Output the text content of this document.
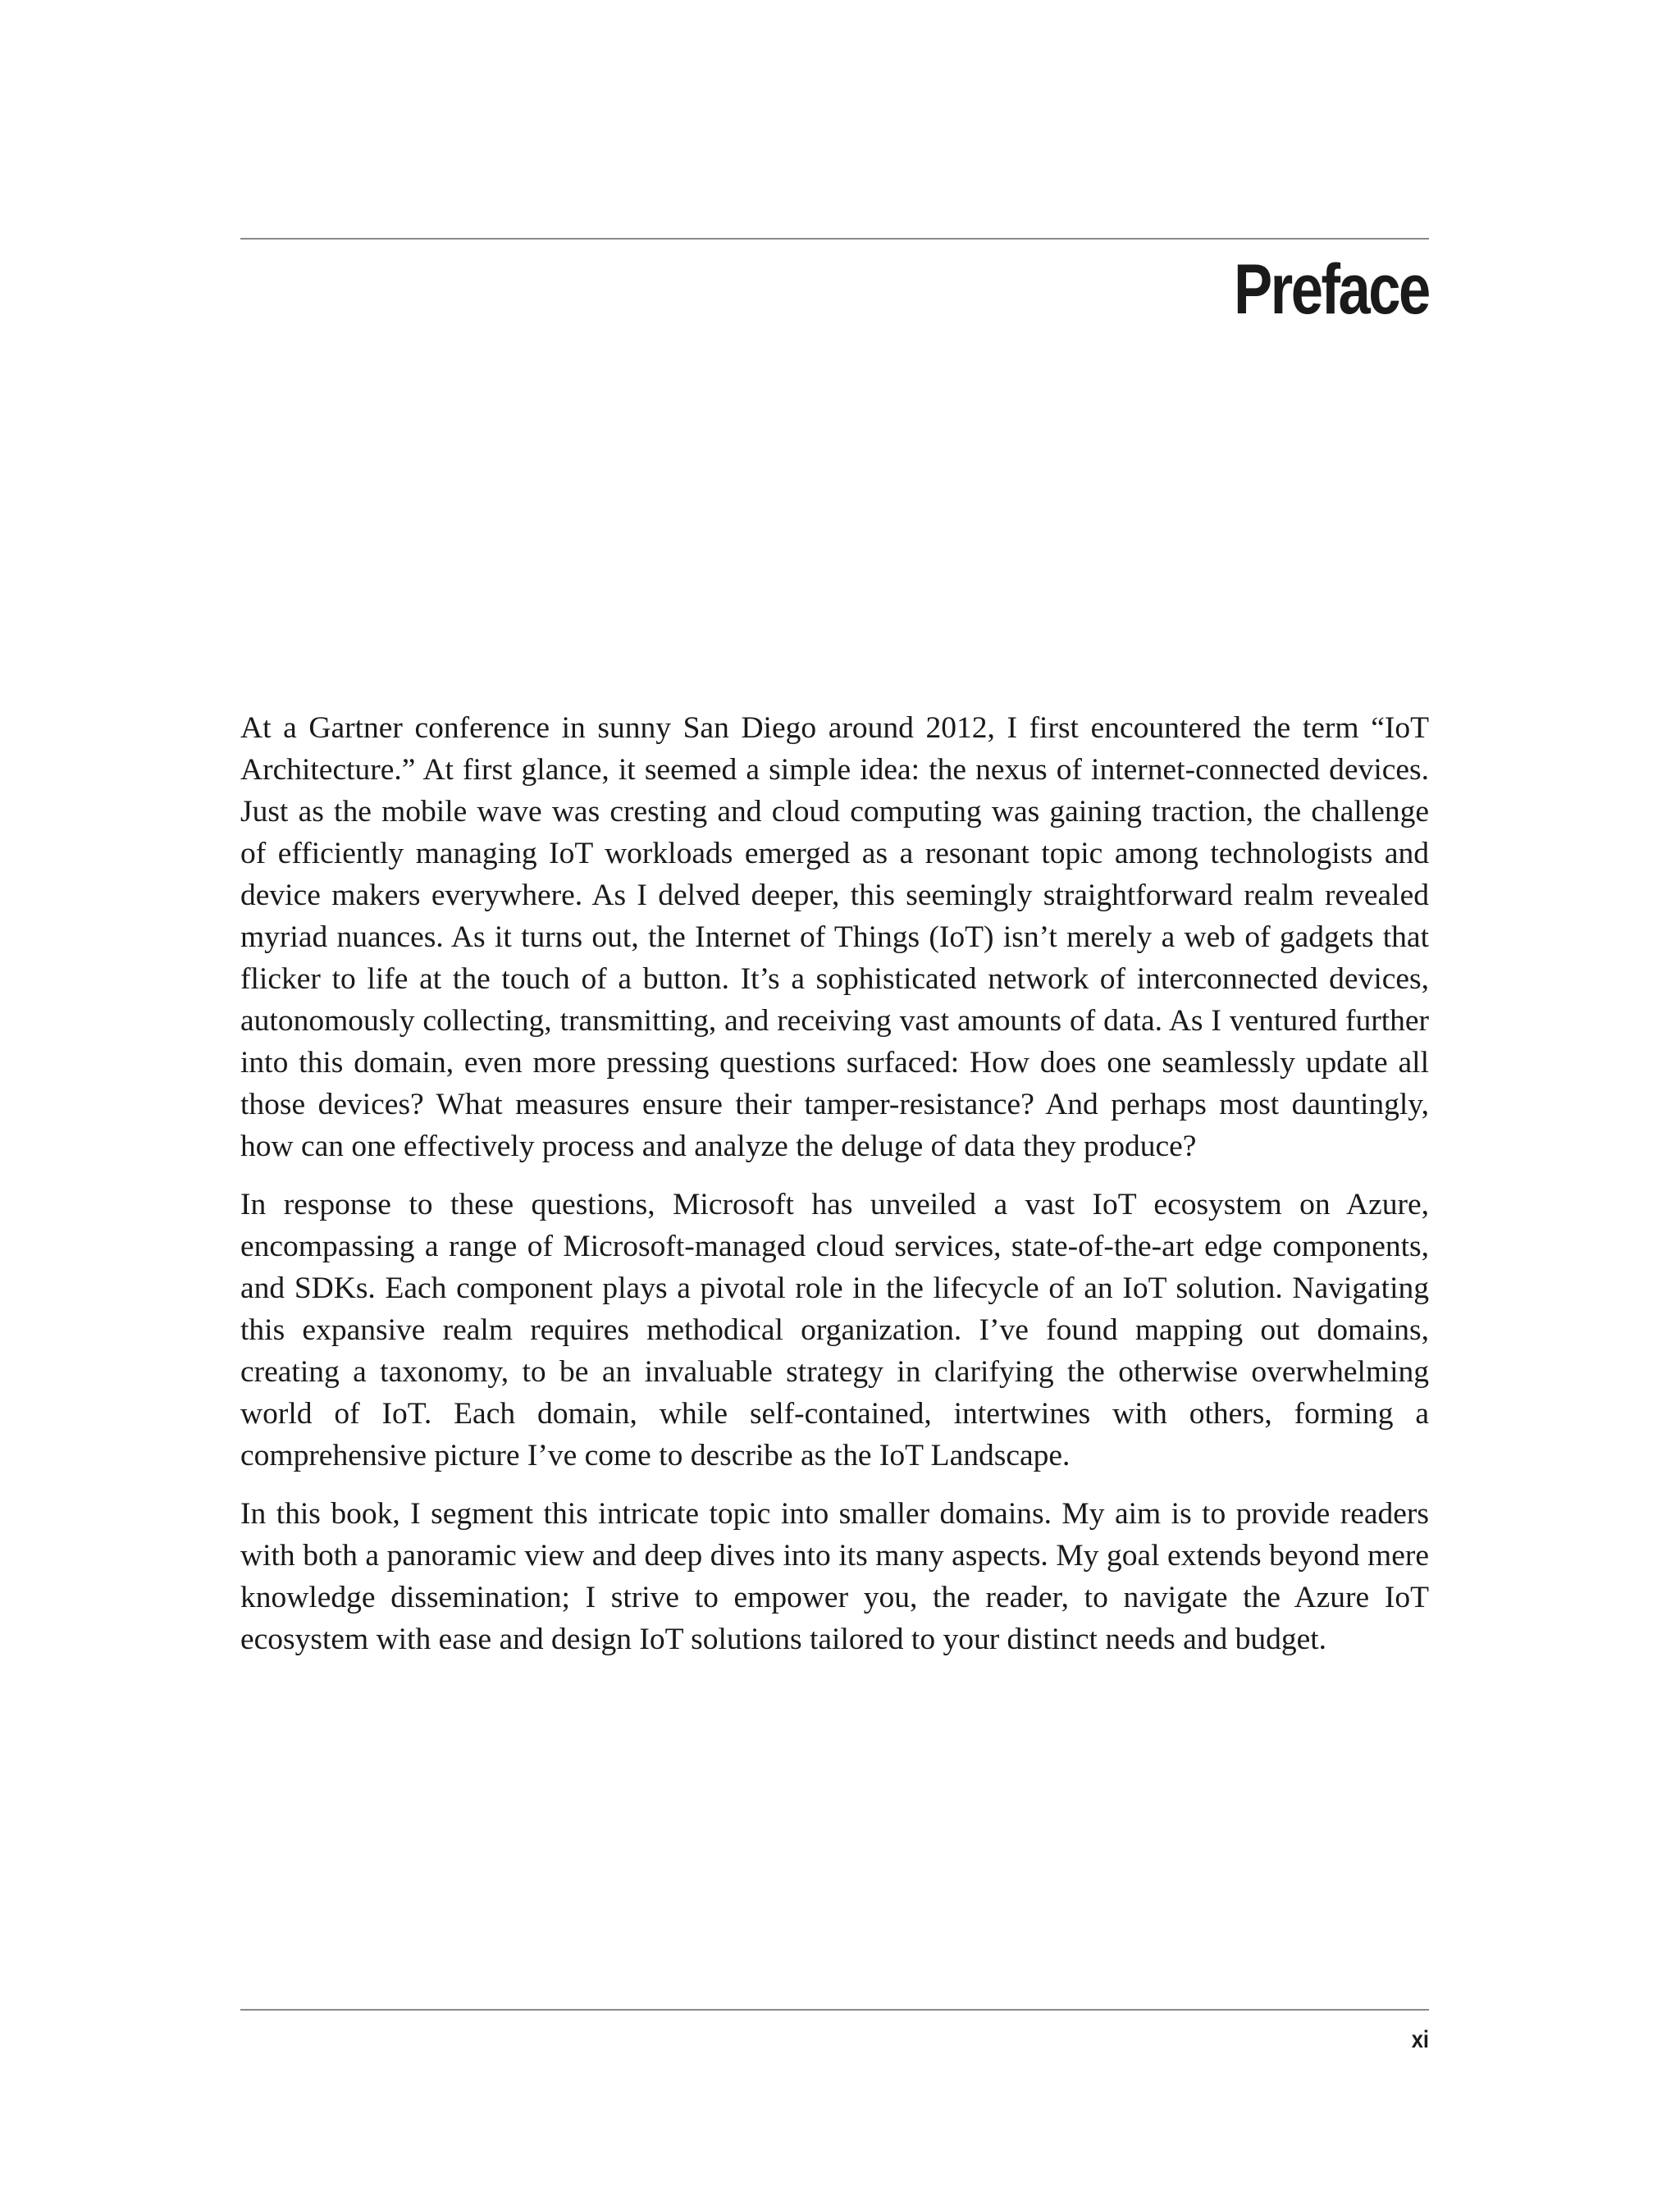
Preface

At a Gartner conference in sunny San Diego around 2012, I first encountered the term “IoT Architecture.” At first glance, it seemed a simple idea: the nexus of internet-connected devices. Just as the mobile wave was cresting and cloud computing was gaining traction, the challenge of efficiently managing IoT workloads emerged as a resonant topic among technologists and device makers everywhere. As I delved deeper, this seemingly straightforward realm revealed myriad nuances. As it turns out, the Internet of Things (IoT) isn’t merely a web of gadgets that flicker to life at the touch of a button. It’s a sophisticated network of interconnected devices, autonomously collecting, transmitting, and receiving vast amounts of data. As I ventured further into this domain, even more pressing questions surfaced: How does one seamlessly update all those devices? What measures ensure their tamper-resistance? And perhaps most dauntingly, how can one effectively process and analyze the deluge of data they produce?

In response to these questions, Microsoft has unveiled a vast IoT ecosystem on Azure, encompassing a range of Microsoft-managed cloud services, state-of-the-art edge components, and SDKs. Each component plays a pivotal role in the lifecycle of an IoT solution. Navigating this expansive realm requires methodical organization. I’ve found mapping out domains, creating a taxonomy, to be an invaluable strategy in clarifying the otherwise overwhelming world of IoT. Each domain, while self-contained, intertwines with others, forming a comprehensive picture I’ve come to describe as the IoT Landscape.

In this book, I segment this intricate topic into smaller domains. My aim is to provide readers with both a panoramic view and deep dives into its many aspects. My goal extends beyond mere knowledge dissemination; I strive to empower you, the reader, to navigate the Azure IoT ecosystem with ease and design IoT solutions tailored to your distinct needs and budget.

xi
